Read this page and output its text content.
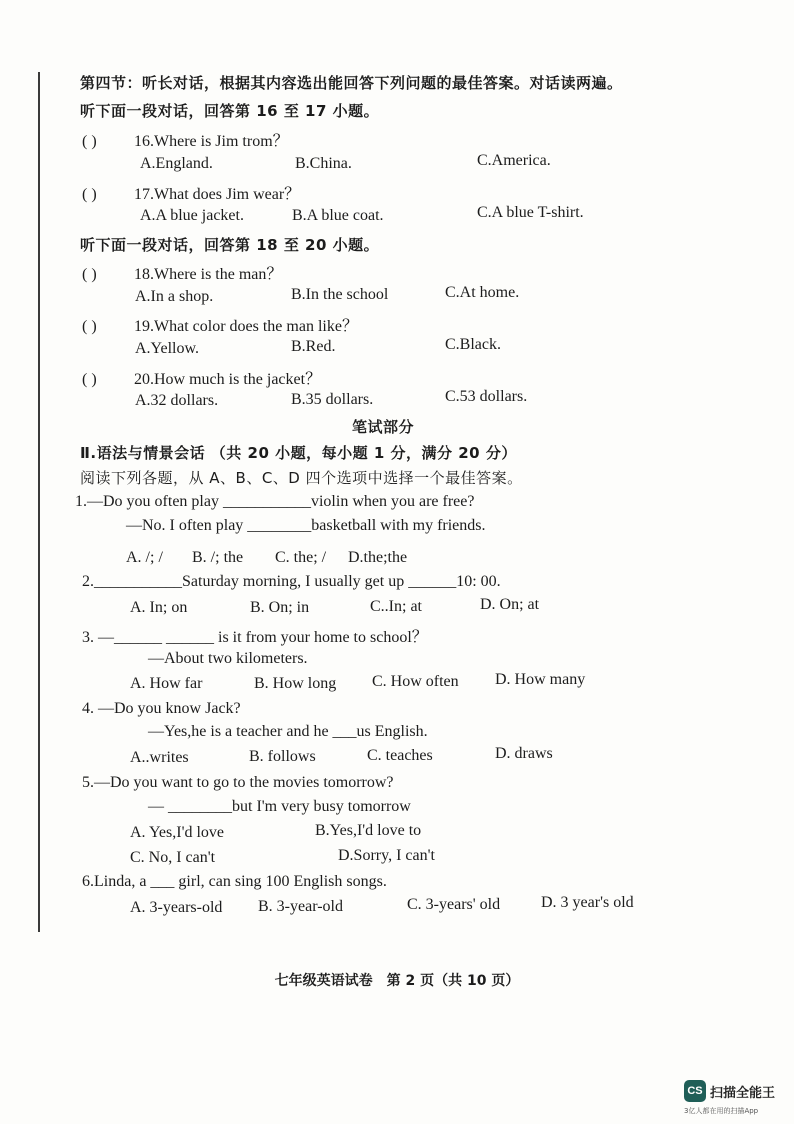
第四节：听长对话，根据其内容选出能回答下列问题的最佳答案。对话读两遍。
听下面一段对话，回答第 16 至 17 小题。
( ) 16.Where is Jim trom？
A.England.	B.China.	C.America.
( ) 17.What does Jim wear？
A.A blue jacket.	B.A blue coat.	C.A blue T-shirt.
听下面一段对话，回答第 18 至 20 小题。
( ) 18.Where is the man？
A.In a shop.	B.In the school	C.At home.
( ) 19.What color does the man like？
A.Yellow.	B.Red.	C.Black.
( ) 20.How much is the jacket？
A.32 dollars.	B.35 dollars.	C.53 dollars.
笔试部分
Ⅱ.语法与情景会话 （共 20 小题，每小题 1 分，满分 20 分）
阅读下列各题，从 A、B、C、D 四个选项中选择一个最佳答案。
1.—Do you often play ___________violin when you are free?
—No. I often play ________basketball with my friends.
A. /; / B. /; the C. the; / D.the;the
2.___________Saturday morning, I usually get up ______10: 00.
A. In; on	B. On; in	C..In; at	D. On; at
3. —______ ______ is it from your home to school？
—About two kilometers.
A. How far	B. How long C. How often D. How many
4. —Do you know Jack?
—Yes,he is a teacher and he ___us English.
A..writes	B. follows	C. teaches	D. draws
5.—Do you want to go to the movies tomorrow?
— ________but I'm very busy tomorrow
A. Yes,I'd love	B.Yes,I'd love to
C. No, I can't	D.Sorry, I can't
6.Linda, a ___ girl, can sing 100 English songs.
A. 3-years-old B. 3-year-old	C. 3-years' old	D. 3 year's old
七年级英语试卷　第 2 页（共 10 页）
CS 扫描全能王
3亿人都在用的扫描App
